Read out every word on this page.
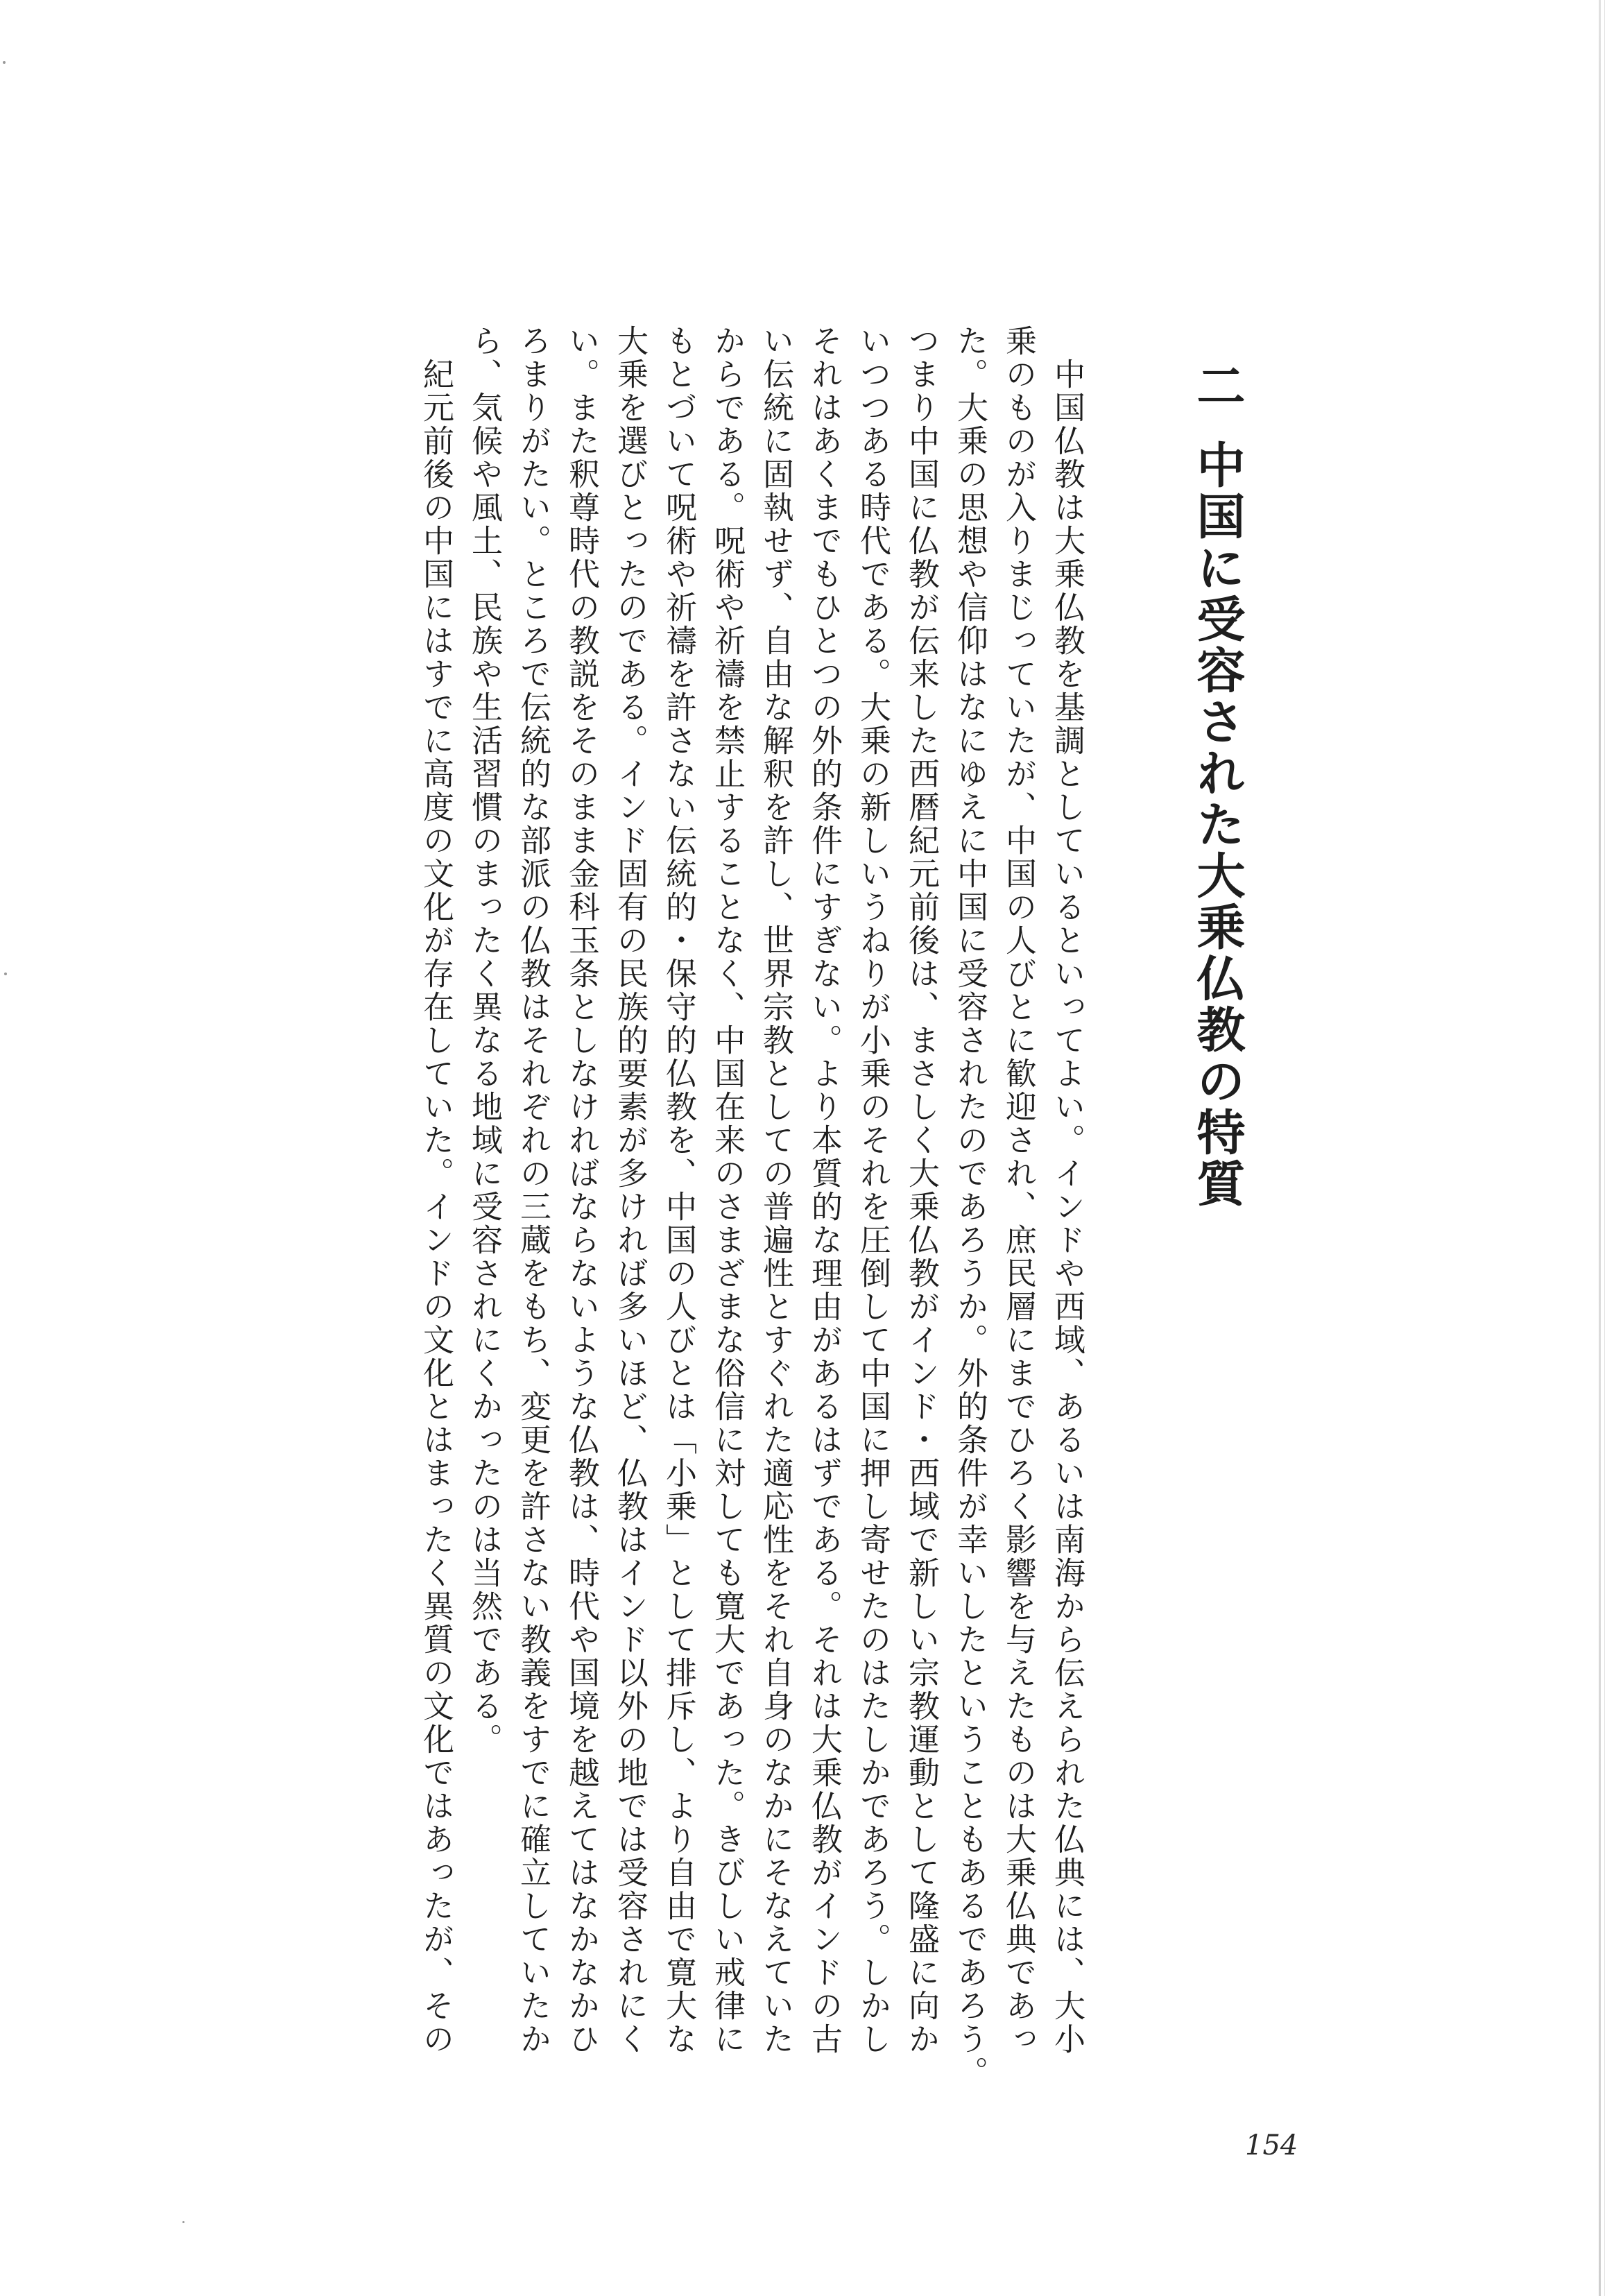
二中国に受容された大乗仏教の特質
　中国仏教は大乗仏教を基調としているといってよい。インドや西域、あるいは南海から伝えられた仏典には、大小
乗のものが入りまじっていたが、中国の人びとに歓迎され、庶民層にまでひろく影響を与えたものは大乗仏典であっ
た。大乗の思想や信仰はなにゆえに中国に受容されたのであろうか。外的条件が幸いしたということもあるであろう。
つまり中国に仏教が伝来した西暦紀元前後は、まさしく大乗仏教がインド・西域で新しい宗教運動として隆盛に向か
いつつある時代である。大乗の新しいうねりが小乗のそれを圧倒して中国に押し寄せたのはたしかであろう。しかし
それはあくまでもひとつの外的条件にすぎない。より本質的な理由があるはずである。それは大乗仏教がインドの古
い伝統に固執せず、自由な解釈を許し、世界宗教としての普遍性とすぐれた適応性をそれ自身のなかにそなえていた
からである。呪術や祈禱を禁止することなく、中国在来のさまざまな俗信に対しても寛大であった。きびしい戒律に
もとづいて呪術や祈禱を許さない伝統的・保守的仏教を、中国の人びとは「小乗」として排斥し、より自由で寛大な
大乗を選びとったのである。インド固有の民族的要素が多ければ多いほど、仏教はインド以外の地では受容されにく
い。また釈尊時代の教説をそのまま金科玉条としなければならないような仏教は、時代や国境を越えてはなかなかひ
ろまりがたい。ところで伝統的な部派の仏教はそれぞれの三蔵をもち、変更を許さない教義をすでに確立していたか
ら、気候や風土、民族や生活習慣のまったく異なる地域に受容されにくかったのは当然である。
　紀元前後の中国にはすでに高度の文化が存在していた。インドの文化とはまったく異質の文化ではあったが、その
154
